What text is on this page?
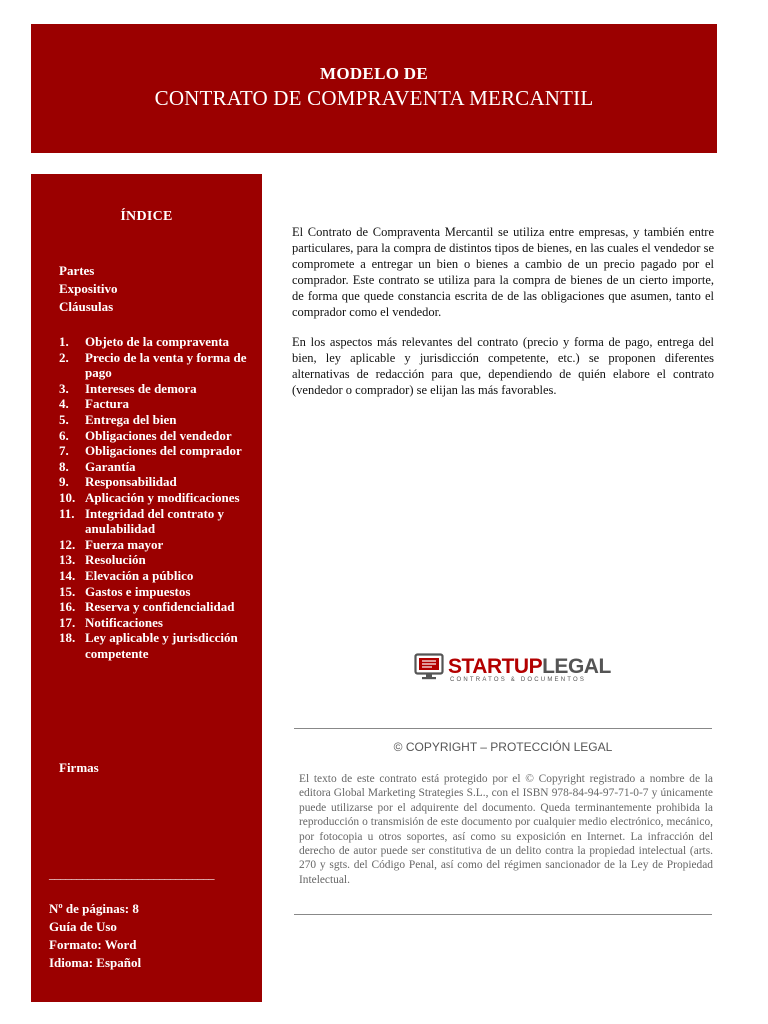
MODELO DE
CONTRATO DE COMPRAVENTA MERCANTIL
ÍNDICE
Partes
Expositivo
Cláusulas
1.	Objeto de la compraventa
2.	Precio de la venta y forma de pago
3.	Intereses de demora
4.	Factura
5.	Entrega del bien
6.	Obligaciones del vendedor
7.	Obligaciones del comprador
8.	Garantía
9.	Responsabilidad
10. Aplicación y modificaciones
11. Integridad del contrato y anulabilidad
12. Fuerza mayor
13. Resolución
14. Elevación a público
15. Gastos e impuestos
16. Reserva y confidencialidad
17. Notificaciones
18. Ley aplicable y jurisdicción competente
Firmas
______________________________
Nº de páginas: 8
Guía de Uso
Formato: Word
Idioma: Español

El Contrato de Compraventa Mercantil se utiliza entre empresas, y también entre particulares, para la compra de distintos tipos de bienes, en las cuales el vendedor se compromete a entregar un bien o bienes a cambio de un precio pagado por el comprador. Este contrato se utiliza para la compra de bienes de un cierto importe, de forma que quede constancia escrita de de las obligaciones que asumen, tanto el comprador como el vendedor.

En los aspectos más relevantes del contrato (precio y forma de pago, entrega del bien, ley aplicable y jurisdicción competente, etc.) se proponen diferentes alternativas de redacción para que, dependiendo de quién elabore el contrato (vendedor o comprador) se elijan las más favorables.

STARTUPLEGAL
CONTRATOS & DOCUMENTOS
© COPYRIGHT – PROTECCIÓN LEGAL
El texto de este contrato está protegido por el © Copyright registrado a nombre de la editora Global Marketing Strategies S.L., con el ISBN 978-84-94-97-71-0-7 y únicamente puede utilizarse por el adquirente del documento. Queda terminantemente prohibida la reproducción o transmisión de este documento por cualquier medio electrónico, mecánico, por fotocopia u otros soportes, así como su exposición en Internet. La infracción del derecho de autor puede ser constitutiva de un delito contra la propiedad intelectual (arts. 270 y sgts. del Código Penal, así como del régimen sancionador de la Ley de Propiedad Intelectual.
